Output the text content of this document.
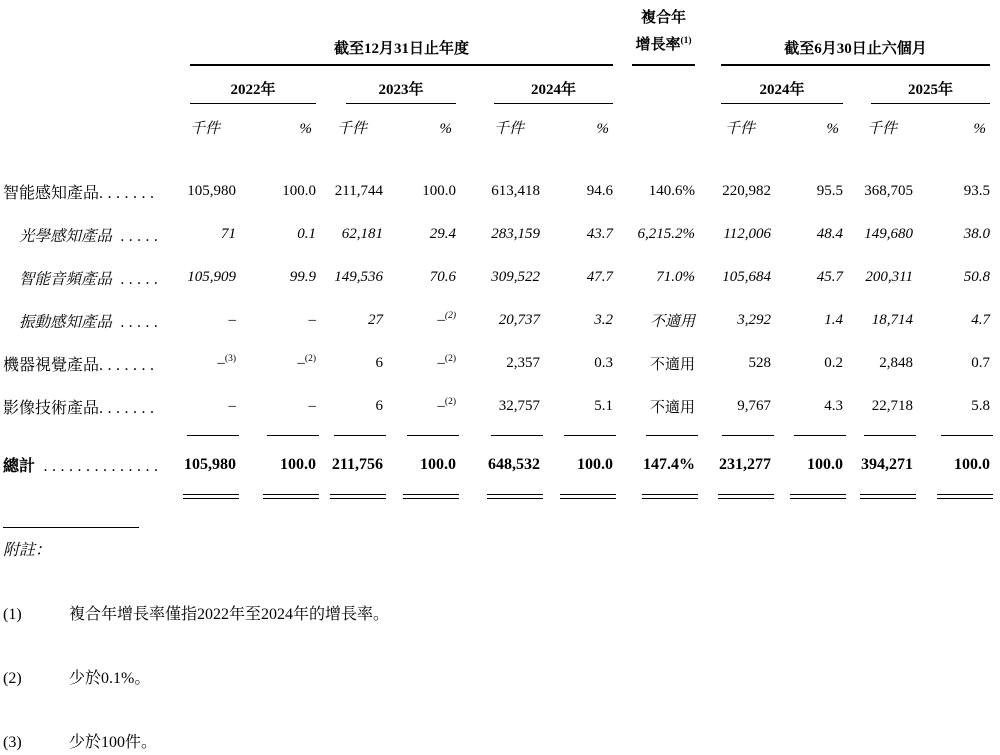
	截至12月31日止年度						複合年
增長率$^{(1)}$	截至6月30日止六個月			

	2022年		2023年		2024年			2024年		2025年	

	千件	%	千件	%	千件	%		千件	%	千件	%

智能感知產品.......	105,980	100.0	211,744	100.0	613,418	94.6	140.6%	220,982	95.5	368,705	93.5
光學感知產品 .....	71	0.1	62,181	29.4	283,159	43.7	6,215.2%	112,006	48.4	149,680	38.0
智能音頻產品 .....	105,909	99.9	149,536	70.6	309,522	47.7	71.0%	105,684	45.7	200,311	50.8
振動感知產品 .....	–	–	27	–$^{(2)}$	20,737	3.2	不適用	3,292	1.4	18,714	4.7
機器視覺產品.......	–$^{(3)}$	–$^{(2)}$	6	–$^{(2)}$	2,357	0.3	不適用	528	0.2	2,848	0.7
影像技術產品.......	–	–	6	–$^{(2)}$	32,757	5.1	不適用	9,767	4.3	22,718	5.8

總計 ..............	105,980	100.0	211,756	100.0	648,532	100.0	147.4%	231,277	100.0	394,271	100.0

附註：
(1)	複合年增長率僅指2022年至2024年的增長率。
(2)	少於0.1%。
(3)	少於100件。
